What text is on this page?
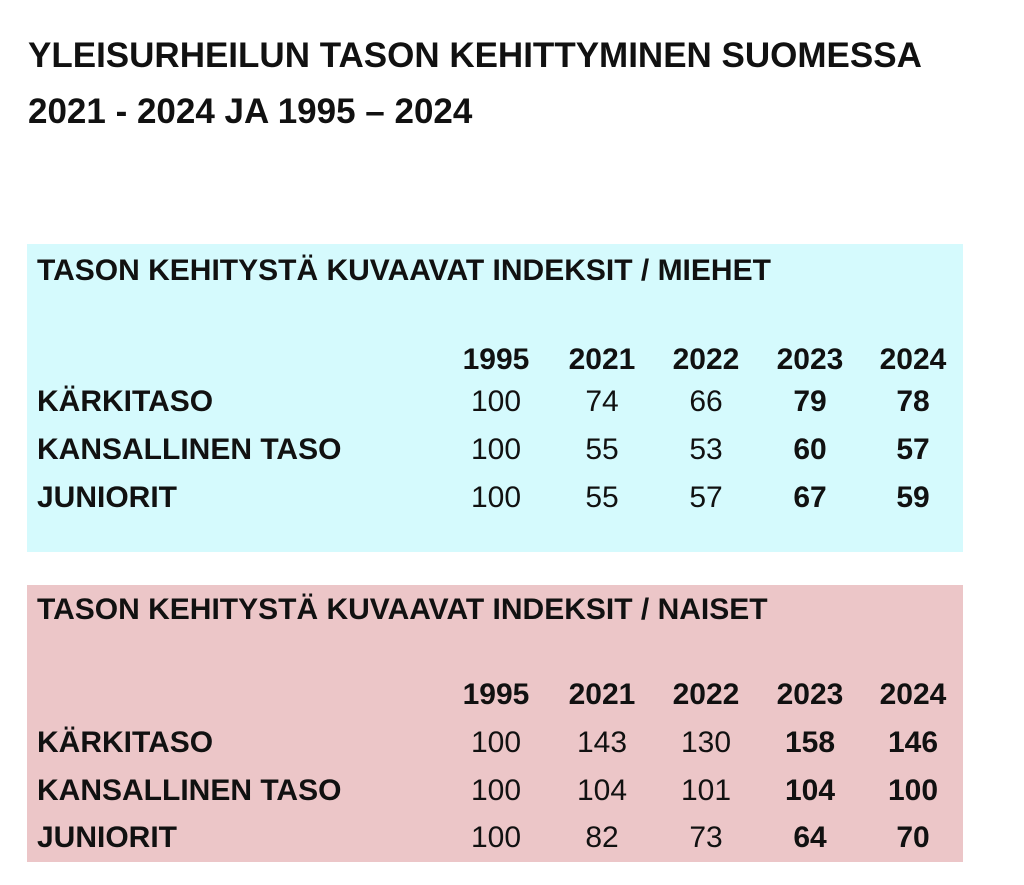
YLEISURHEILUN TASON KEHITTYMINEN SUOMESSA
2021 - 2024 JA 1995 – 2024
TASON KEHITYSTÄ KUVAAVAT INDEKSIT / MIEHET
1995	2021	2022	2023	2024
KÄRKITASO	100	74	66	79	78
KANSALLINEN TASO	100	55	53	60	57
JUNIORIT	100	55	57	67	59
TASON KEHITYSTÄ KUVAAVAT INDEKSIT / NAISET
1995	2021	2022	2023	2024
KÄRKITASO	100	143	130	158	146
KANSALLINEN TASO	100	104	101	104	100
JUNIORIT	100	82	73	64	70
